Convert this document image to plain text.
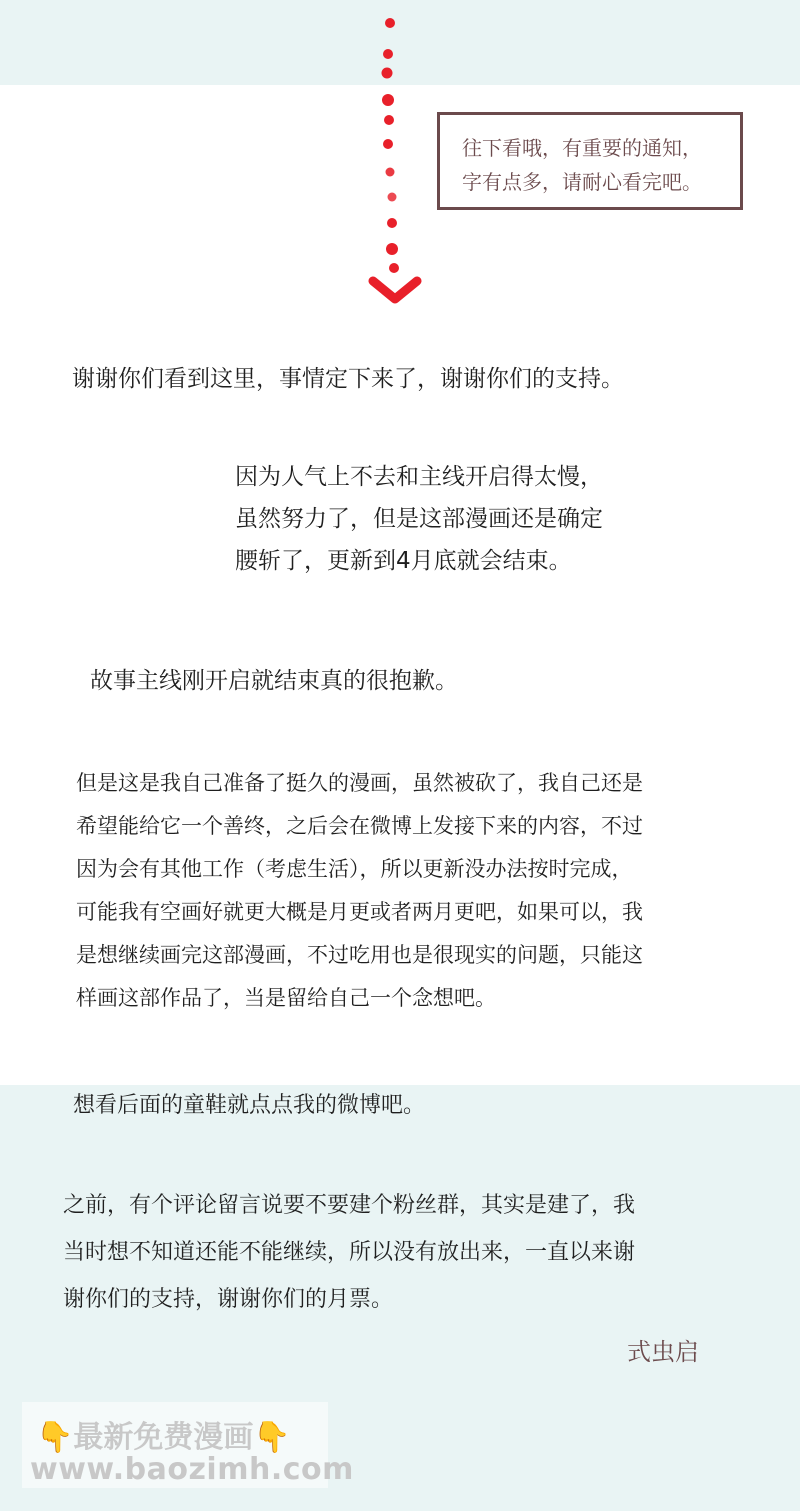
往下看哦，有重要的通知，
字有点多，请耐心看完吧。
谢谢你们看到这里，事情定下来了，谢谢你们的支持。
因为人气上不去和主线开启得太慢，
虽然努力了，但是这部漫画还是确定
腰斩了，更新到4月底就会结束。
故事主线刚开启就结束真的很抱歉。
但是这是我自己准备了挺久的漫画，虽然被砍了，我自己还是
希望能给它一个善终，之后会在微博上发接下来的内容，不过
因为会有其他工作（考虑生活），所以更新没办法按时完成，
可能我有空画好就更大概是月更或者两月更吧，如果可以，我
是想继续画完这部漫画，不过吃用也是很现实的问题，只能这
样画这部作品了，当是留给自己一个念想吧。
想看后面的童鞋就点点我的微博吧。
之前，有个评论留言说要不要建个粉丝群，其实是建了，我
当时想不知道还能不能继续，所以没有放出来，一直以来谢
谢你们的支持，谢谢你们的月票。
式虫启
👇最新免费漫画👇
www.baozimh.com
